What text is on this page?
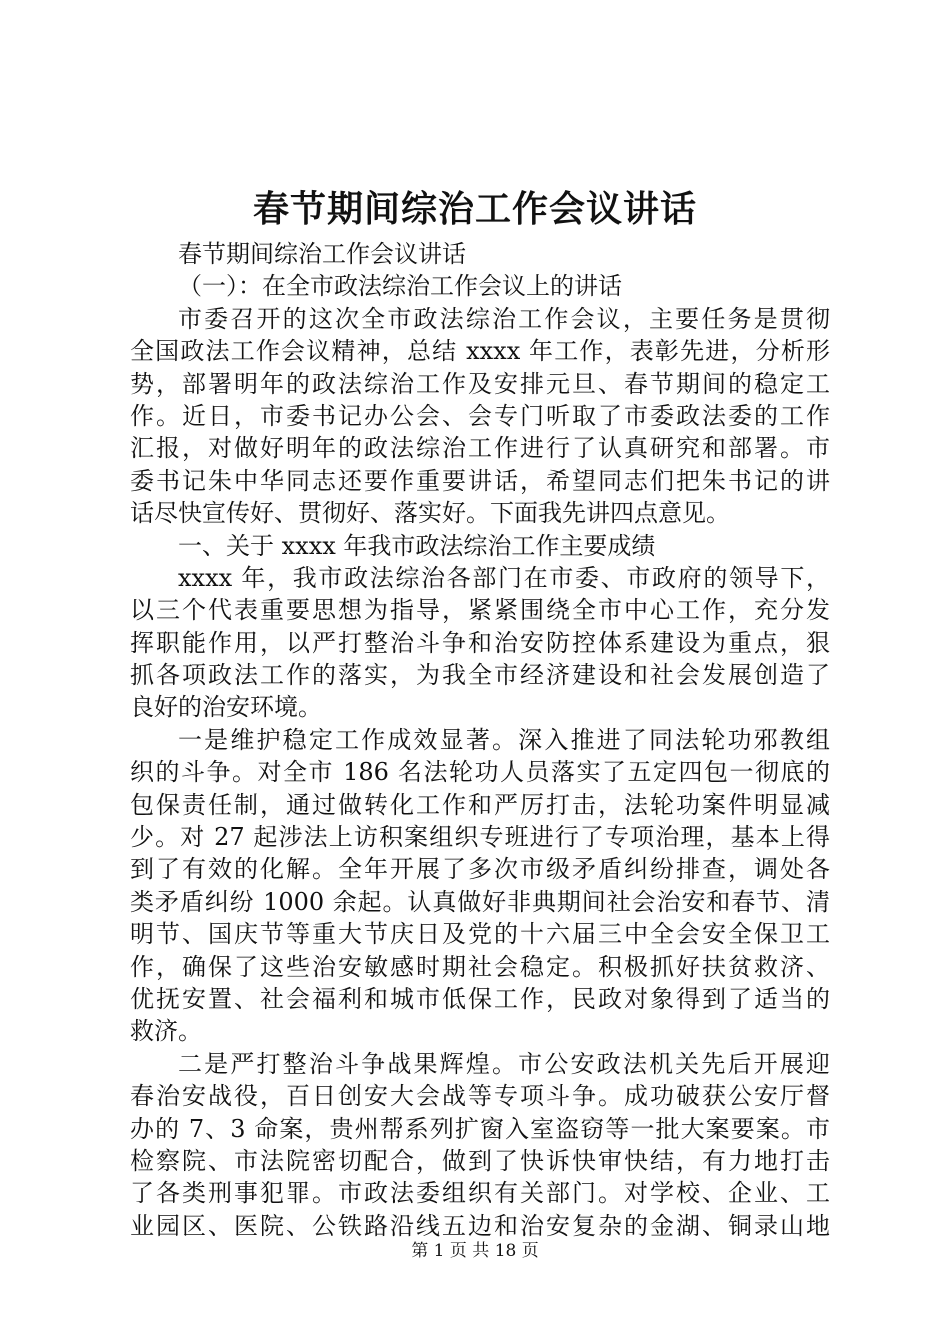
春节期间综治工作会议讲话

春节期间综治工作会议讲话

（一）：在全市政法综治工作会议上的讲话

市委召开的这次全市政法综治工作会议，主要任务是贯彻

全国政法工作会议精神，总结 xxxx 年工作，表彰先进，分析形

势，部署明年的政法综治工作及安排元旦、春节期间的稳定工

作。近日，市委书记办公会、会专门听取了市委政法委的工作

汇报，对做好明年的政法综治工作进行了认真研究和部署。市

委书记朱中华同志还要作重要讲话，希望同志们把朱书记的讲

话尽快宣传好、贯彻好、落实好。下面我先讲四点意见。

一、关于 xxxx 年我市政法综治工作主要成绩

xxxx 年，我市政法综治各部门在市委、市政府的领导下，

以三个代表重要思想为指导，紧紧围绕全市中心工作，充分发

挥职能作用，以严打整治斗争和治安防控体系建设为重点，狠

抓各项政法工作的落实，为我全市经济建设和社会发展创造了

良好的治安环境。

一是维护稳定工作成效显著。深入推进了同法轮功邪教组

织的斗争。对全市 186 名法轮功人员落实了五定四包一彻底的

包保责任制，通过做转化工作和严厉打击，法轮功案件明显减

少。对 27 起涉法上访积案组织专班进行了专项治理，基本上得

到了有效的化解。全年开展了多次市级矛盾纠纷排查，调处各

类矛盾纠纷 1000 余起。认真做好非典期间社会治安和春节、清

明节、国庆节等重大节庆日及党的十六届三中全会安全保卫工

作，确保了这些治安敏感时期社会稳定。积极抓好扶贫救济、

优抚安置、社会福利和城市低保工作，民政对象得到了适当的

救济。

二是严打整治斗争战果辉煌。市公安政法机关先后开展迎

春治安战役，百日创安大会战等专项斗争。成功破获公安厅督

办的 7、3 命案，贵州帮系列扩窗入室盗窃等一批大案要案。市

检察院、市法院密切配合，做到了快诉快审快结，有力地打击

了各类刑事犯罪。市政法委组织有关部门。对学校、企业、工

业园区、医院、公铁路沿线五边和治安复杂的金湖、铜录山地

第 1 页 共 18 页
